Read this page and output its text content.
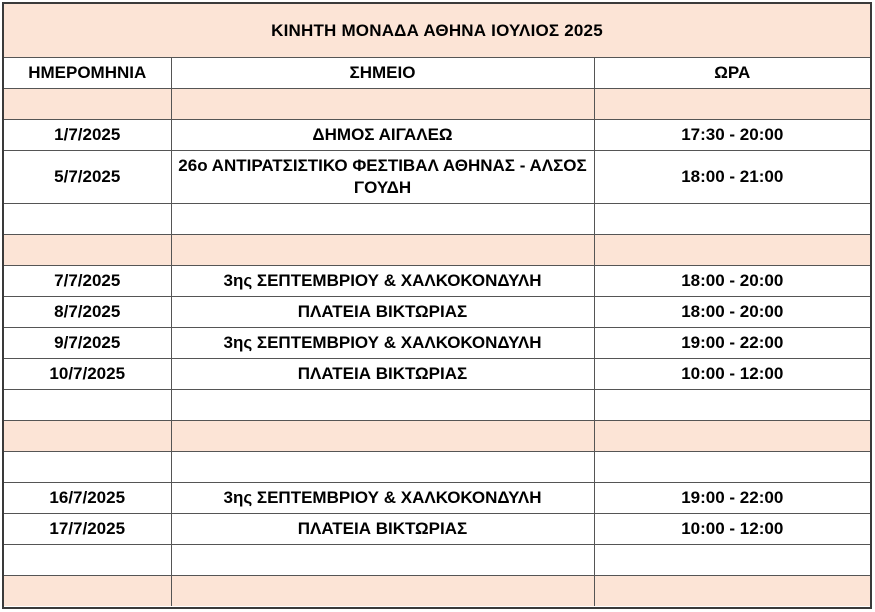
ΚΙΝΗΤΗ ΜΟΝΑΔΑ ΑΘΗΝΑ ΙΟΥΛΙΟΣ 2025
ΗΜΕΡΟΜΗΝΙΑ	ΣΗΜΕΙΟ	ΩΡΑ

1/7/2025	ΔΗΜΟΣ ΑΙΓΑΛΕΩ	17:30 - 20:00
5/7/2025	26ο ΑΝΤΙΡΑΤΣΙΣΤΙΚΟ ΦΕΣΤΙΒΑΛ ΑΘΗΝΑΣ - ΑΛΣΟΣ ΓΟΥΔΗ	18:00 - 21:00

7/7/2025	3ης ΣΕΠΤΕΜΒΡΙΟΥ & ΧΑΛΚΟΚΟΝΔΥΛΗ	18:00 - 20:00
8/7/2025	ΠΛΑΤΕΙΑ ΒΙΚΤΩΡΙΑΣ	18:00 - 20:00
9/7/2025	3ης ΣΕΠΤΕΜΒΡΙΟΥ & ΧΑΛΚΟΚΟΝΔΥΛΗ	19:00 - 22:00
10/7/2025	ΠΛΑΤΕΙΑ ΒΙΚΤΩΡΙΑΣ	10:00 - 12:00

16/7/2025	3ης ΣΕΠΤΕΜΒΡΙΟΥ & ΧΑΛΚΟΚΟΝΔΥΛΗ	19:00 - 22:00
17/7/2025	ΠΛΑΤΕΙΑ ΒΙΚΤΩΡΙΑΣ	10:00 - 12:00
